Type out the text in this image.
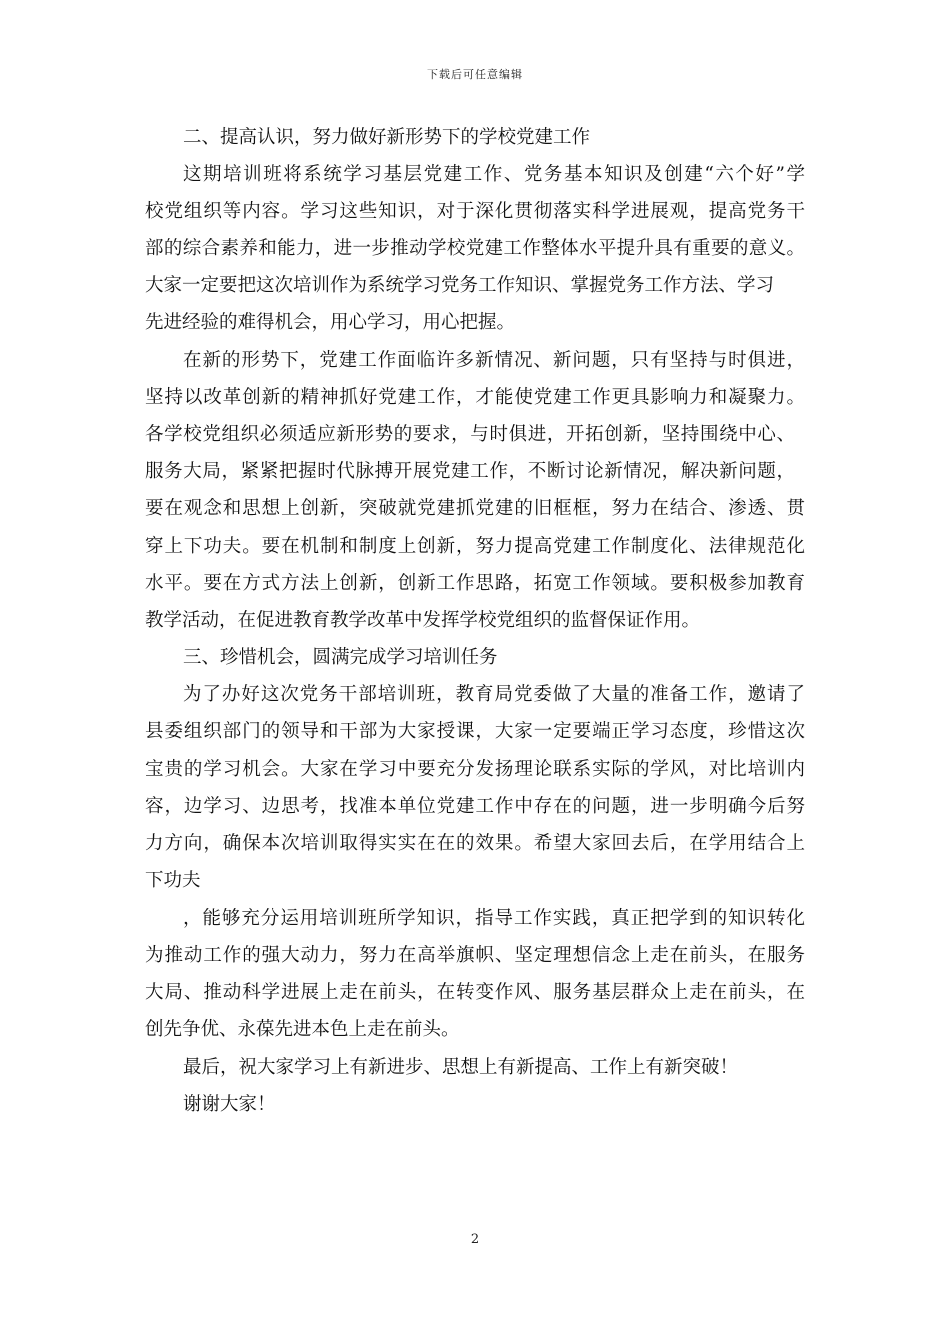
下载后可任意编辑
二、提高认识，努力做好新形势下的学校党建工作
这期培训班将系统学习基层党建工作、党务基本知识及创建“六个好”学
校党组织等内容。学习这些知识，对于深化贯彻落实科学进展观，提高党务干
部的综合素养和能力，进一步推动学校党建工作整体水平提升具有重要的意义。
大家一定要把这次培训作为系统学习党务工作知识、掌握党务工作方法、学习
先进经验的难得机会，用心学习，用心把握。
在新的形势下，党建工作面临许多新情况、新问题，只有坚持与时俱进，
坚持以改革创新的精神抓好党建工作，才能使党建工作更具影响力和凝聚力。
各学校党组织必须适应新形势的要求，与时俱进，开拓创新，坚持围绕中心、
服务大局，紧紧把握时代脉搏开展党建工作，不断讨论新情况，解决新问题，
要在观念和思想上创新，突破就党建抓党建的旧框框，努力在结合、渗透、贯
穿上下功夫。要在机制和制度上创新，努力提高党建工作制度化、法律规范化
水平。要在方式方法上创新，创新工作思路，拓宽工作领域。要积极参加教育
教学活动，在促进教育教学改革中发挥学校党组织的监督保证作用。
三、珍惜机会，圆满完成学习培训任务
为了办好这次党务干部培训班，教育局党委做了大量的准备工作，邀请了
县委组织部门的领导和干部为大家授课，大家一定要端正学习态度，珍惜这次
宝贵的学习机会。大家在学习中要充分发扬理论联系实际的学风，对比培训内
容，边学习、边思考，找准本单位党建工作中存在的问题，进一步明确今后努
力方向，确保本次培训取得实实在在的效果。希望大家回去后，在学用结合上
下功夫
，能够充分运用培训班所学知识，指导工作实践，真正把学到的知识转化
为推动工作的强大动力，努力在高举旗帜、坚定理想信念上走在前头，在服务
大局、推动科学进展上走在前头，在转变作风、服务基层群众上走在前头，在
创先争优、永葆先进本色上走在前头。
最后，祝大家学习上有新进步、思想上有新提高、工作上有新突破！
谢谢大家！
2
